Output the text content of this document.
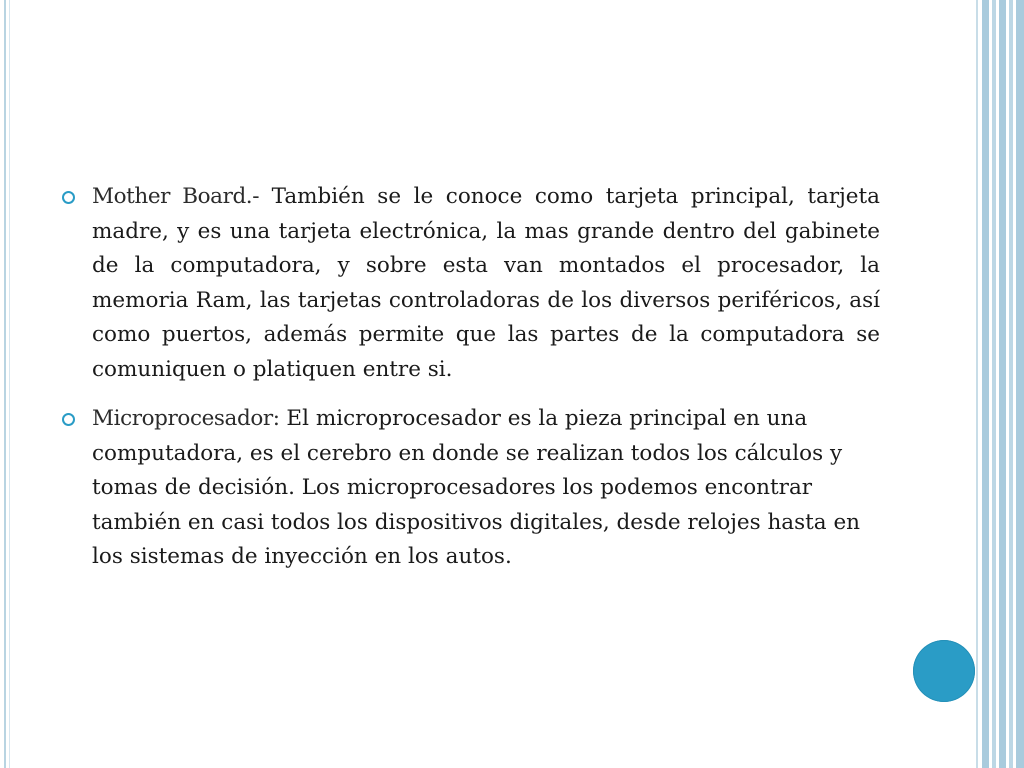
Mother Board.- También se le conoce como tarjeta principal, tarjeta madre, y es una tarjeta electrónica, la mas grande dentro del gabinete de la computadora, y sobre esta van montados el procesador, la memoria Ram, las tarjetas controladoras de los diversos periféricos, así como puertos, además permite que las partes de la computadora se comuniquen o platiquen entre si.

Microprocesador: El microprocesador es la pieza principal en una computadora, es el cerebro en donde se realizan todos los cálculos y tomas de decisión. Los microprocesadores los podemos encontrar también en casi todos los dispositivos digitales, desde relojes hasta en los sistemas de inyección en los autos.
